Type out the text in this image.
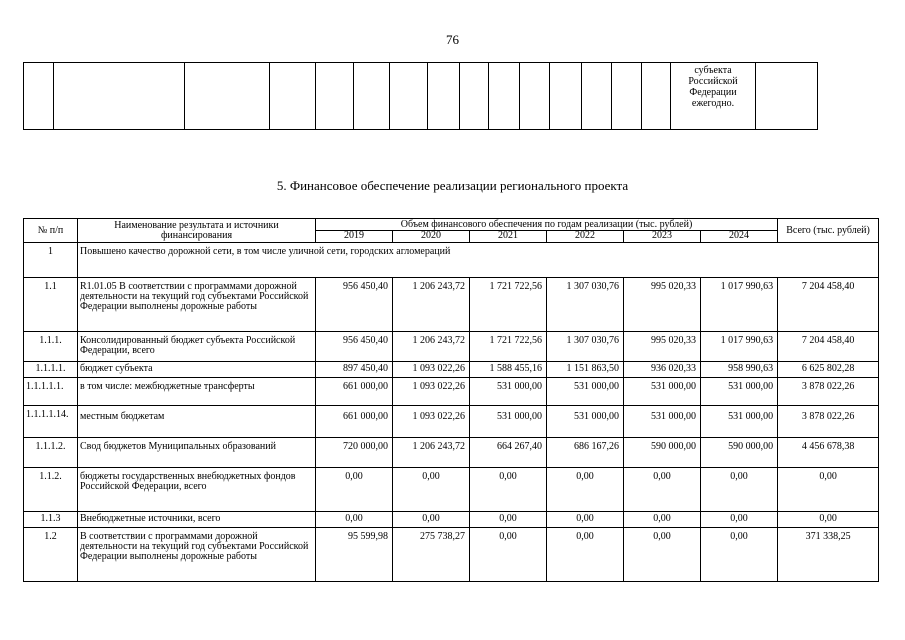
76
															субъекта Российской Федерации ежегодно.	
5. Финансовое обеспечение реализации регионального проекта
№ п/п	Наименование результата и источники финансирования	Объем финансового обеспечения по годам реализации (тыс. рублей)						Всего (тыс. рублей)
		2019	2020	2021	2022	2023	2024	
1	Повышено качество дорожной сети, в том числе уличной сети, городских агломераций							
1.1	R1.01.05 В соответствии с программами дорожной деятельности на текущий год субъектами Российской Федерации выполнены дорожные работы	956 450,40	1 206 243,72	1 721 722,56	1 307 030,76	995 020,33	1 017 990,63	7 204 458,40
1.1.1.	Консолидированный бюджет субъекта Российской Федерации, всего	956 450,40	1 206 243,72	1 721 722,56	1 307 030,76	995 020,33	1 017 990,63	7 204 458,40
1.1.1.1.	бюджет субъекта	897 450,40	1 093 022,26	1 588 455,16	1 151 863,50	936 020,33	958 990,63	6 625 802,28
1.1.1.1.1.	в том числе: межбюджетные трансферты	661 000,00	1 093 022,26	531 000,00	531 000,00	531 000,00	531 000,00	3 878 022,26
1.1.1.1.14.	местным бюджетам	661 000,00	1 093 022,26	531 000,00	531 000,00	531 000,00	531 000,00	3 878 022,26
1.1.1.2.	Свод бюджетов Муниципальных образований	720 000,00	1 206 243,72	664 267,40	686 167,26	590 000,00	590 000,00	4 456 678,38
1.1.2.	бюджеты государственных внебюджетных фондов Российской Федерации, всего	0,00	0,00	0,00	0,00	0,00	0,00	0,00
1.1.3	Внебюджетные источники, всего	0,00	0,00	0,00	0,00	0,00	0,00	0,00
1.2	В соответствии с программами дорожной деятельности на текущий год субъектами Российской Федерации выполнены дорожные работы	95 599,98	275 738,27	0,00	0,00	0,00	0,00	371 338,25
